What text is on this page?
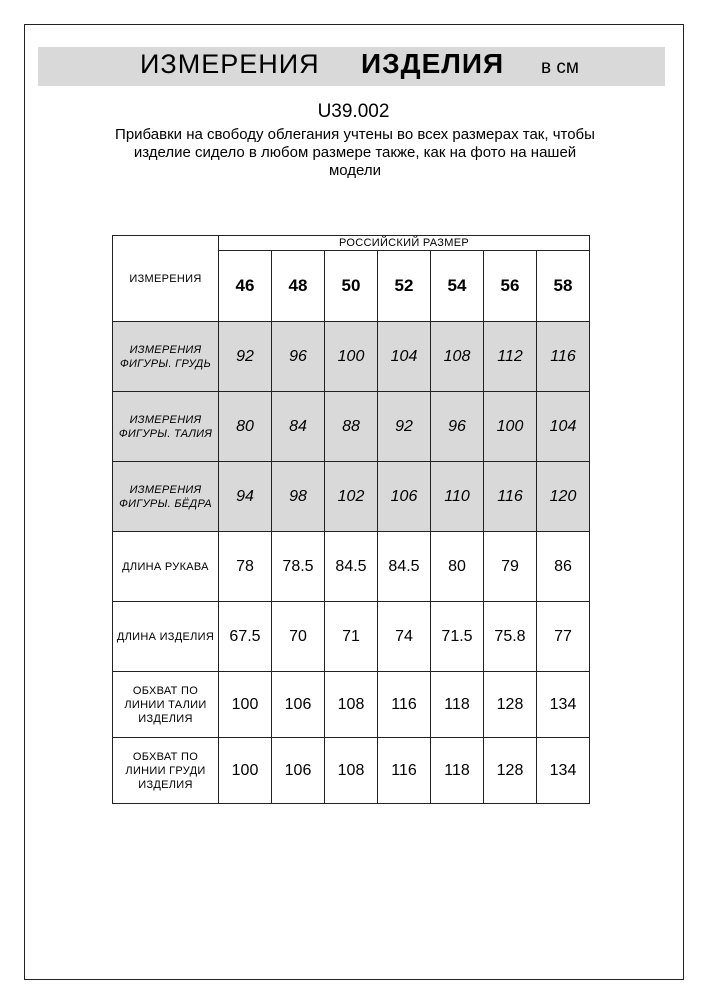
ИЗМЕРЕНИЯ ИЗДЕЛИЯ в см
U39.002
Прибавки на свободу облегания учтены во всех размерах так, чтобы изделие сидело в любом размере также, как на фото на нашей модели
ИЗМЕРЕНИЯ	РОССИЙСКИЙ РАЗМЕР						
	46	48	50	52	54	56	58
ИЗМЕРЕНИЯ ФИГУРЫ. ГРУДЬ	92	96	100	104	108	112	116
ИЗМЕРЕНИЯ ФИГУРЫ. ТАЛИЯ	80	84	88	92	96	100	104
ИЗМЕРЕНИЯ ФИГУРЫ. БЁДРА	94	98	102	106	110	116	120
ДЛИНА РУКАВА	78	78.5	84.5	84.5	80	79	86
ДЛИНА ИЗДЕЛИЯ	67.5	70	71	74	71.5	75.8	77
ОБХВАТ ПО ЛИНИИ ТАЛИИ ИЗДЕЛИЯ	100	106	108	116	118	128	134
ОБХВАТ ПО ЛИНИИ ГРУДИ ИЗДЕЛИЯ	100	106	108	116	118	128	134
